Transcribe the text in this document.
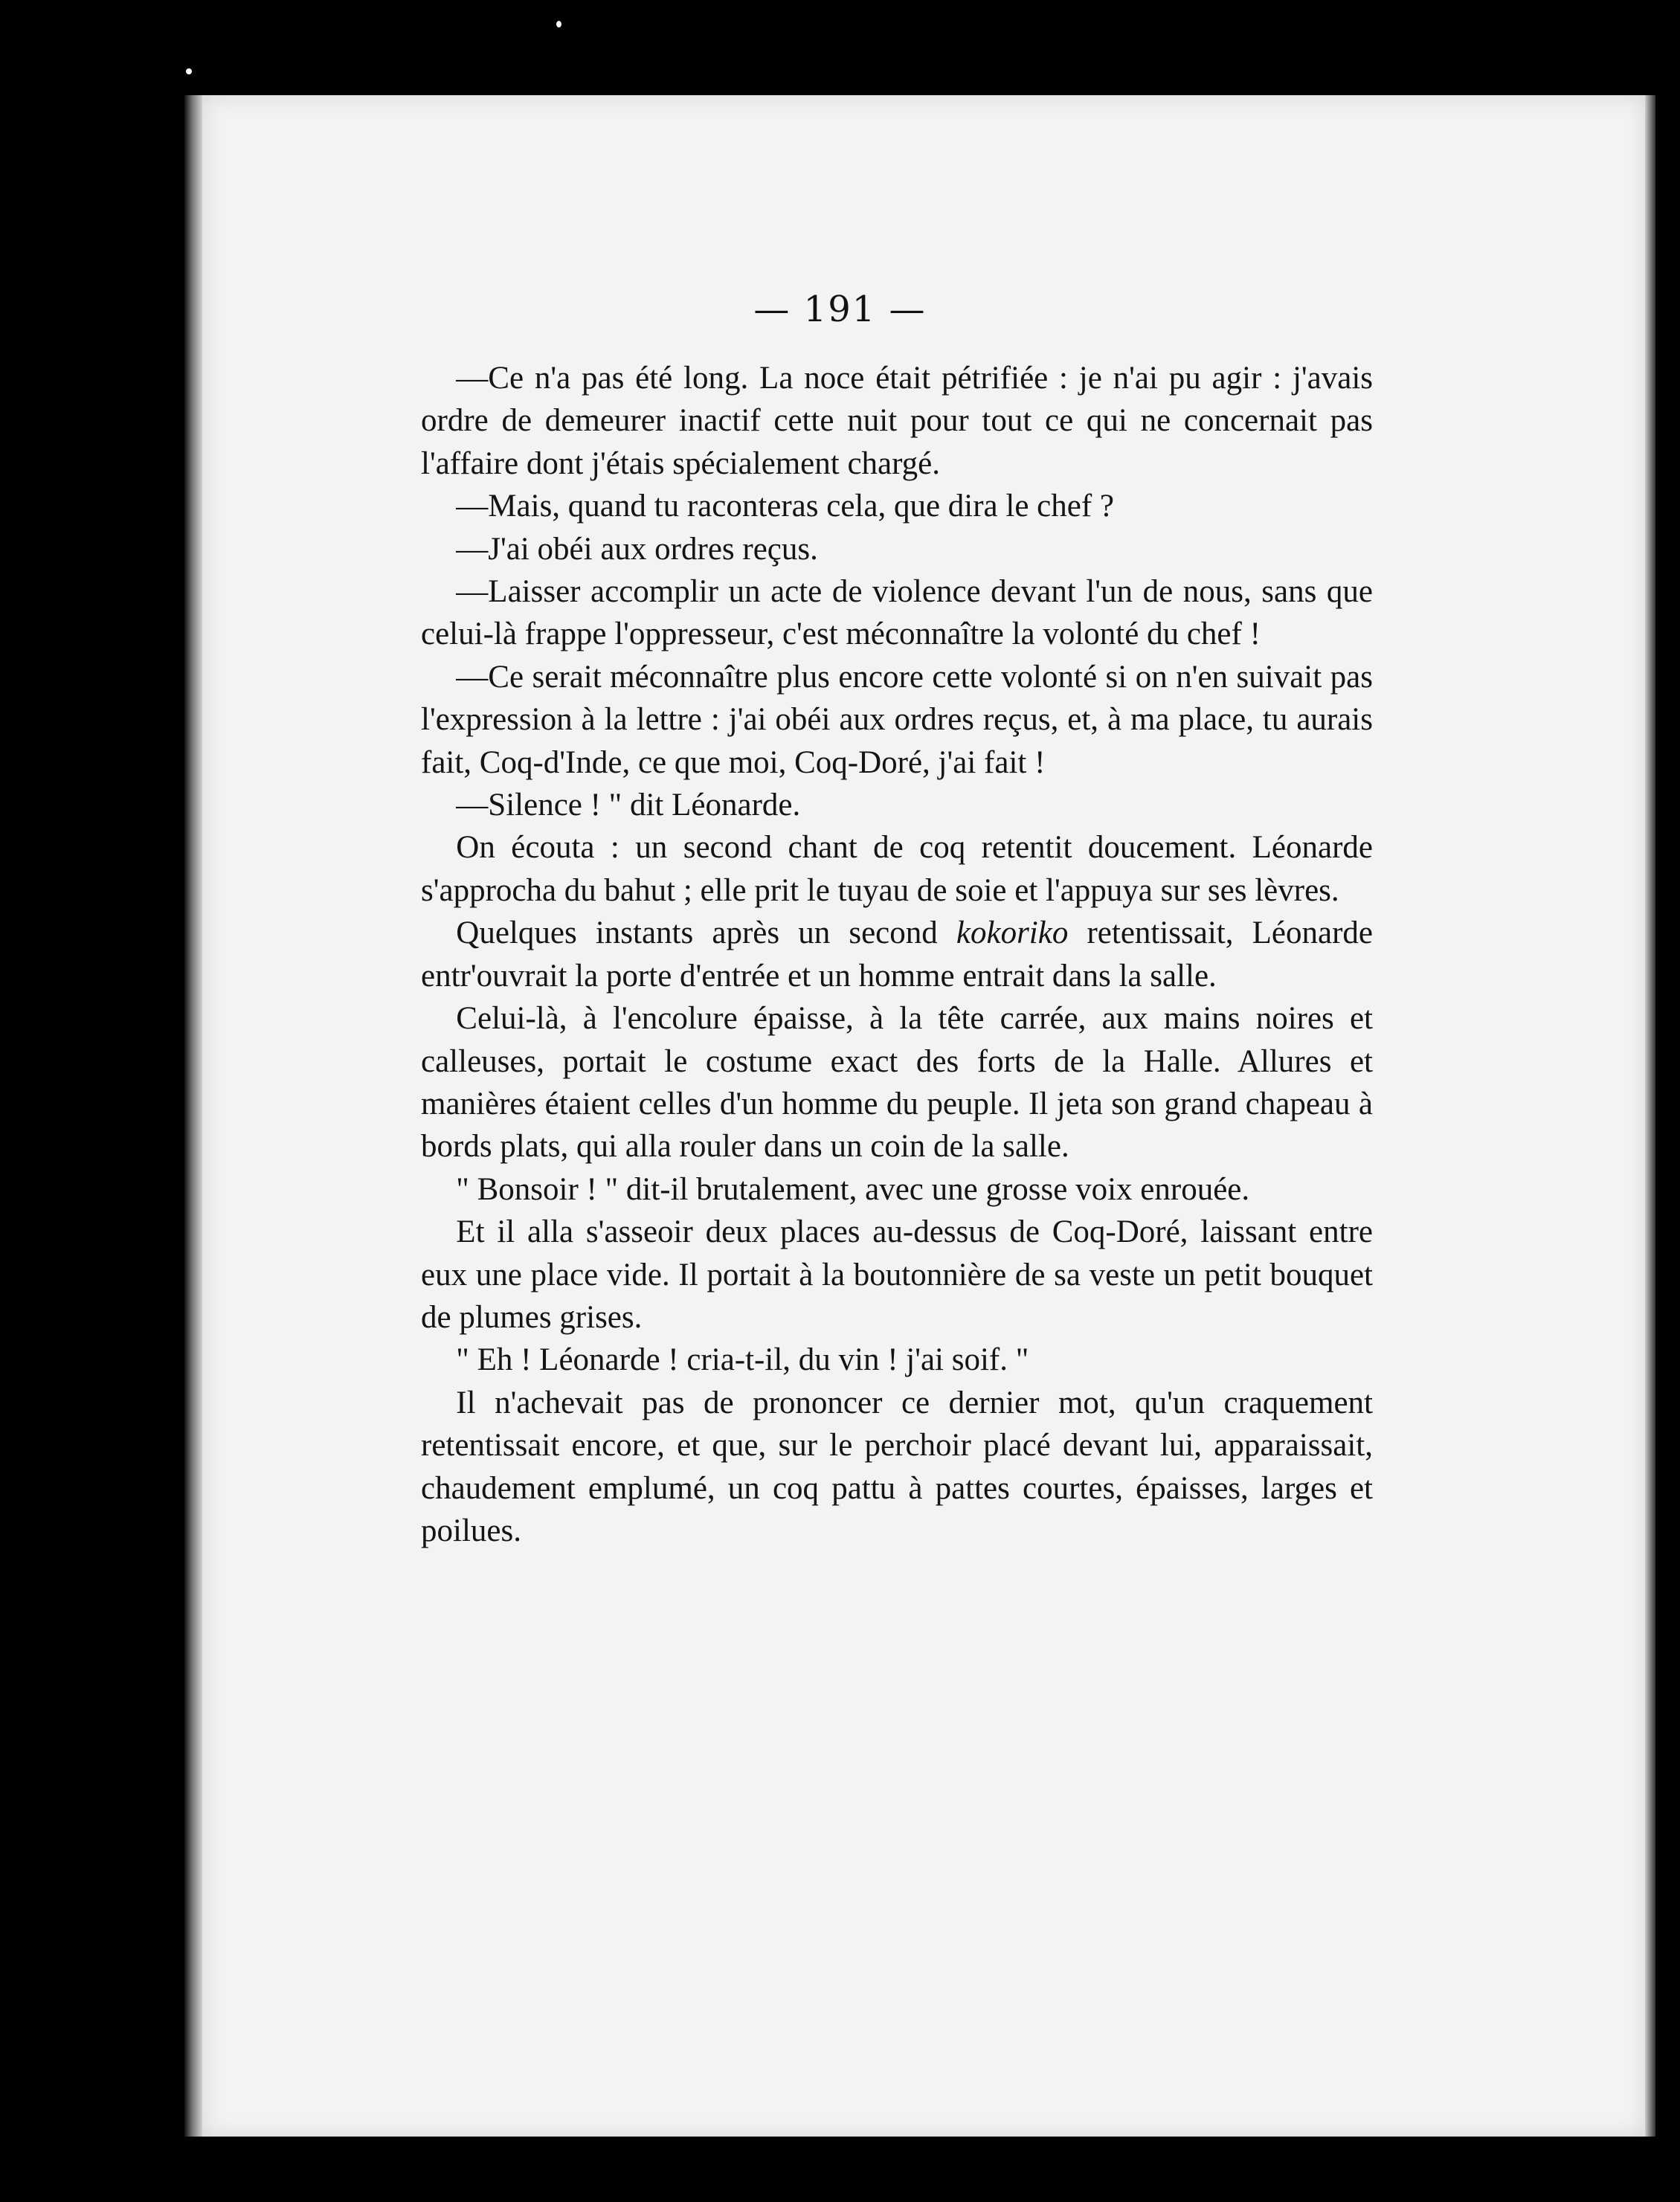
— 191 —

—Ce n'a pas été long. La noce était pétrifiée : je n'ai pu agir : j'avais ordre de demeurer inactif cette nuit pour tout ce qui ne concernait pas l'affaire dont j'étais spécialement chargé.

—Mais, quand tu raconteras cela, que dira le chef ?

—J'ai obéi aux ordres reçus.

—Laisser accomplir un acte de violence devant l'un de nous, sans que celui-là frappe l'oppresseur, c'est méconnaître la volonté du chef !

—Ce serait méconnaître plus encore cette volonté si on n'en suivait pas l'expression à la lettre : j'ai obéi aux ordres reçus, et, à ma place, tu aurais fait, Coq-d'Inde, ce que moi, Coq-Doré, j'ai fait !

—Silence ! " dit Léonarde.

On écouta : un second chant de coq retentit doucement. Léonarde s'approcha du bahut ; elle prit le tuyau de soie et l'appuya sur ses lèvres.

Quelques instants après un second kokoriko retentissait, Léonarde entr'ouvrait la porte d'entrée et un homme entrait dans la salle.

Celui-là, à l'encolure épaisse, à la tête carrée, aux mains noires et calleuses, portait le costume exact des forts de la Halle. Allures et manières étaient celles d'un homme du peuple. Il jeta son grand chapeau à bords plats, qui alla rouler dans un coin de la salle.

" Bonsoir ! " dit-il brutalement, avec une grosse voix enrouée.

Et il alla s'asseoir deux places au-dessus de Coq-Doré, laissant entre eux une place vide. Il portait à la boutonnière de sa veste un petit bouquet de plumes grises.

" Eh ! Léonarde ! cria-t-il, du vin ! j'ai soif. "

Il n'achevait pas de prononcer ce dernier mot, qu'un craquement retentissait encore, et que, sur le perchoir placé devant lui, apparaissait, chaudement emplumé, un coq pattu à pattes courtes, épaisses, larges et poilues.
